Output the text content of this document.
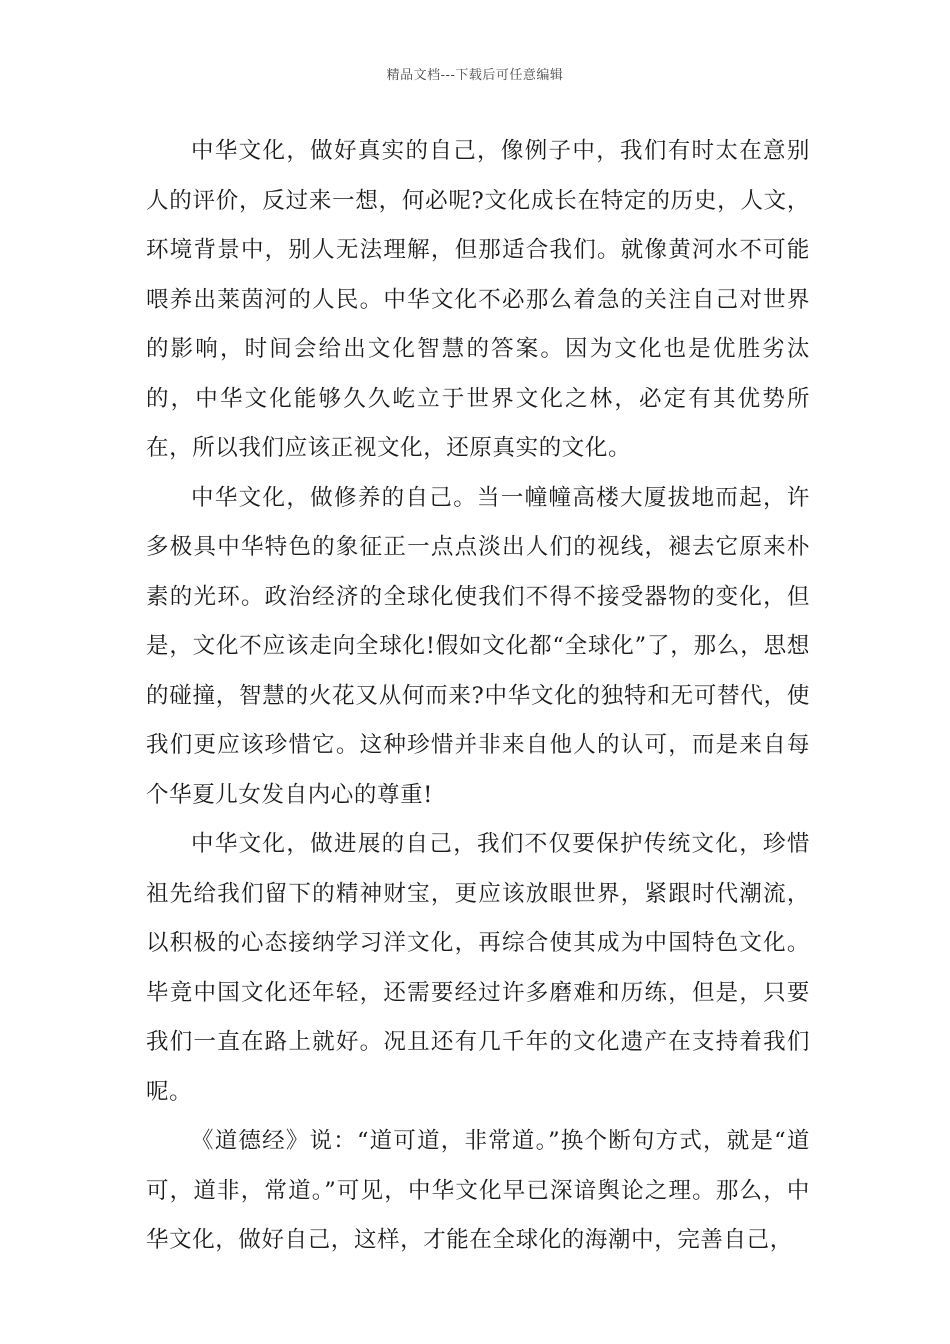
精品文档---下载后可任意编辑

中华文化，做好真实的自己，像例子中，我们有时太在意别人的评价，反过来一想，何必呢?文化成长在特定的历史，人文，环境背景中，别人无法理解，但那适合我们。就像黄河水不可能喂养出莱茵河的人民。中华文化不必那么着急的关注自己对世界的影响，时间会给出文化智慧的答案。因为文化也是优胜劣汰的，中华文化能够久久屹立于世界文化之林，必定有其优势所在，所以我们应该正视文化，还原真实的文化。

中华文化，做修养的自己。当一幢幢高楼大厦拔地而起，许多极具中华特色的象征正一点点淡出人们的视线，褪去它原来朴素的光环。政治经济的全球化使我们不得不接受器物的变化，但是，文化不应该走向全球化!假如文化都“全球化”了，那么，思想的碰撞，智慧的火花又从何而来?中华文化的独特和无可替代，使我们更应该珍惜它。这种珍惜并非来自他人的认可，而是来自每个华夏儿女发自内心的尊重!

中华文化，做进展的自己，我们不仅要保护传统文化，珍惜祖先给我们留下的精神财宝，更应该放眼世界，紧跟时代潮流，以积极的心态接纳学习洋文化，再综合使其成为中国特色文化。毕竟中国文化还年轻，还需要经过许多磨难和历练，但是，只要我们一直在路上就好。况且还有几千年的文化遗产在支持着我们呢。

《道德经》说：“道可道，非常道。”换个断句方式，就是“道可，道非，常道。”可见，中华文化早已深谙舆论之理。那么，中华文化，做好自己，这样，才能在全球化的海潮中，完善自己，
